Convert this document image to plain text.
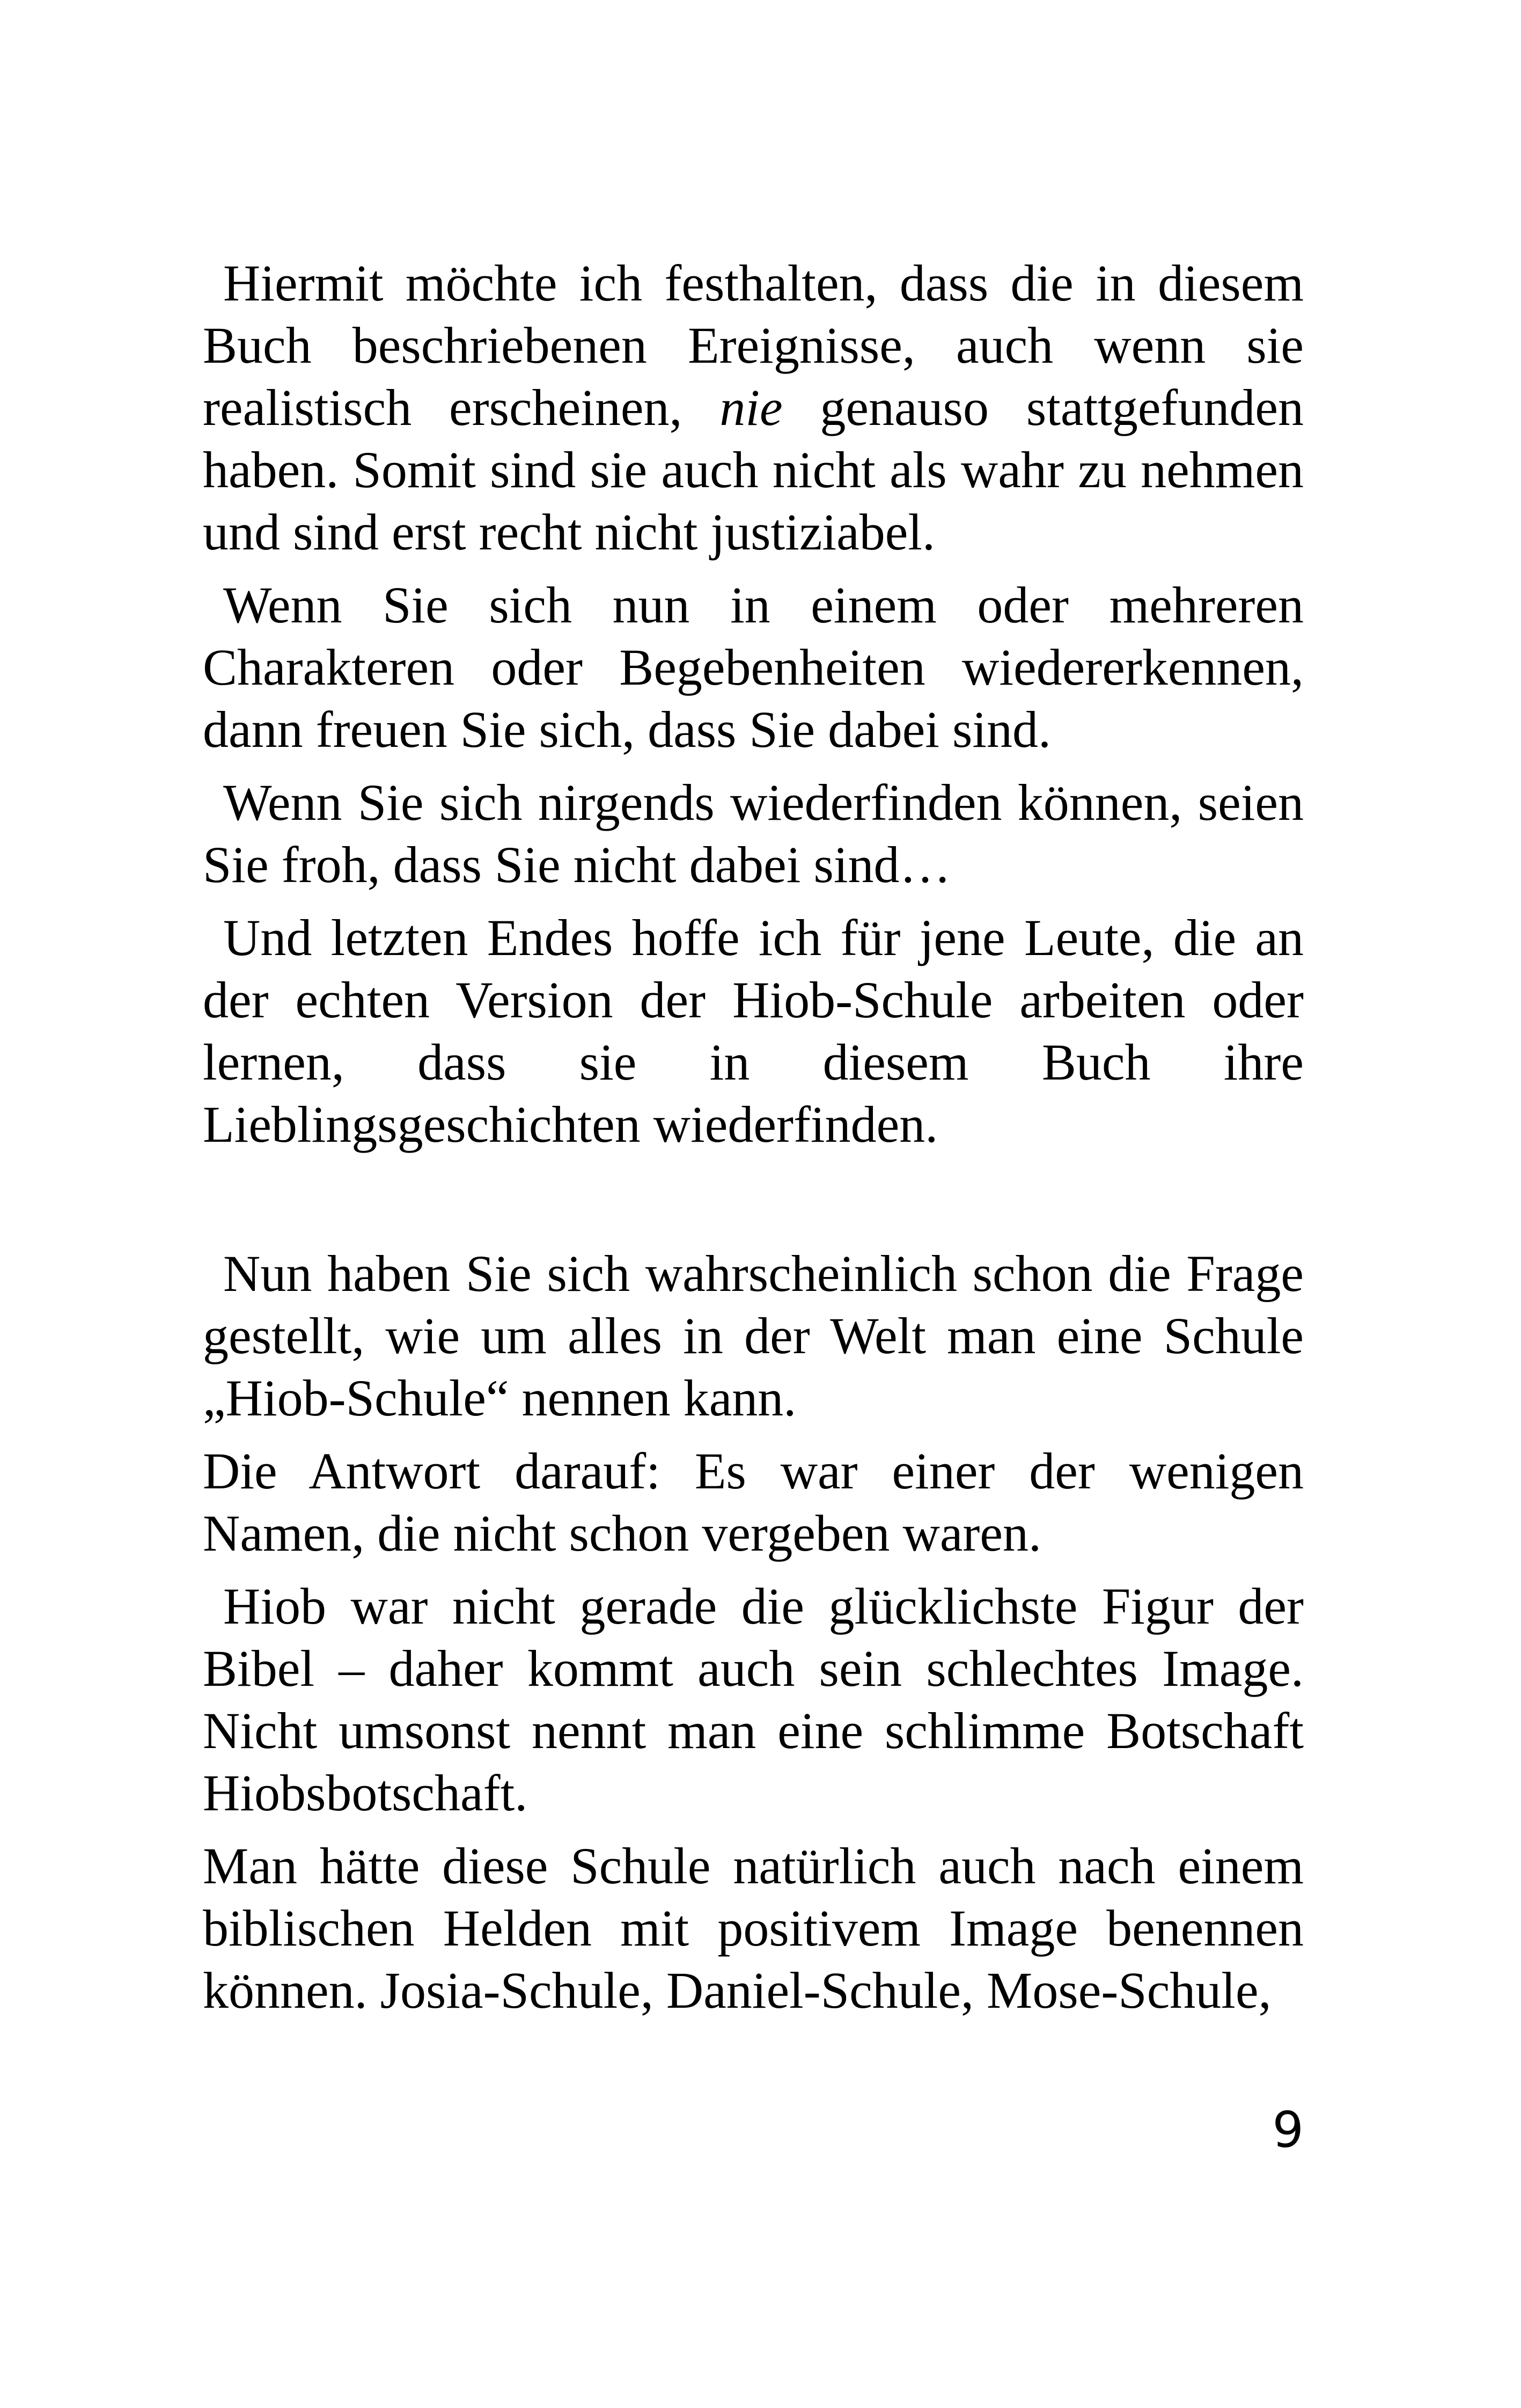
Hiermit möchte ich festhalten, dass die in diesem Buch beschriebenen Ereignisse, auch wenn sie realistisch erscheinen, nie genauso stattgefunden haben. Somit sind sie auch nicht als wahr zu nehmen und sind erst recht nicht justiziabel.

Wenn Sie sich nun in einem oder mehreren Charakteren oder Begebenheiten wiedererkennen, dann freuen Sie sich, dass Sie dabei sind.

Wenn Sie sich nirgends wiederfinden können, seien Sie froh, dass Sie nicht dabei sind…

Und letzten Endes hoffe ich für jene Leute, die an der echten Version der Hiob-Schule arbeiten oder lernen, dass sie in diesem Buch ihre Lieblingsgeschichten wiederfinden.

Nun haben Sie sich wahrscheinlich schon die Frage gestellt, wie um alles in der Welt man eine Schule „Hiob-Schule“ nennen kann.

Die Antwort darauf: Es war einer der wenigen Namen, die nicht schon vergeben waren.

Hiob war nicht gerade die glücklichste Figur der Bibel – daher kommt auch sein schlechtes Image. Nicht umsonst nennt man eine schlimme Botschaft Hiobsbotschaft.

Man hätte diese Schule natürlich auch nach einem biblischen Helden mit positivem Image benennen können. Josia-Schule, Daniel-Schule, Mose-Schule,

9
